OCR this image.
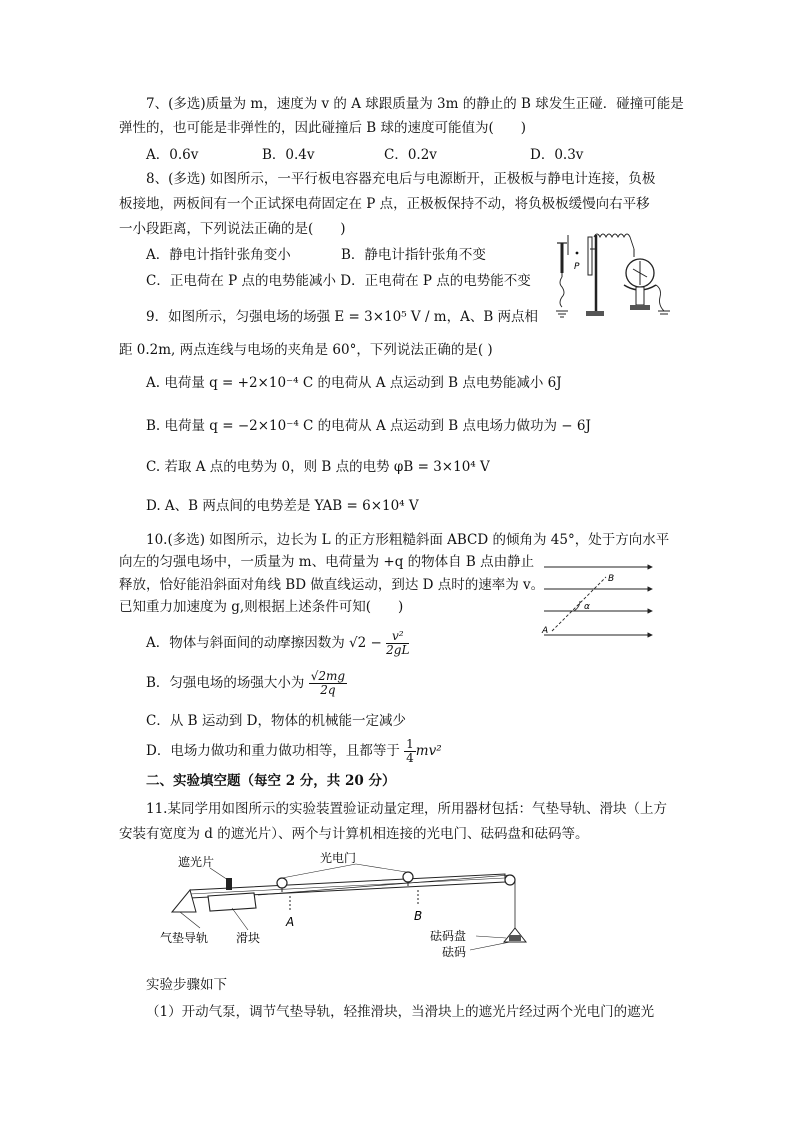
7、(多选)质量为 m，速度为 v 的 A 球跟质量为 3m 的静止的 B 球发生正碰．碰撞可能是
弹性的，也可能是非弹性的，因此碰撞后 B 球的速度可能值为(　　)
A．0.6v	B．0.4v	C．0.2v	D．0.3v
8、(多选) 如图所示，一平行板电容器充电后与电源断开，正极板与静电计连接，负极
板接地，两板间有一个正试探电荷固定在 P 点，正极板保持不动，将负极板缓慢向右平移
一小段距离，下列说法正确的是(　　)
A．静电计指针张角变小	B．静电计指针张角不变
C．正电荷在 P 点的电势能减小 D．正电荷在 P 点的电势能不变
P
9．如图所示，匀强电场的场强 E = 3×10⁵ V / m，A、B 两点相
距 0.2m, 两点连线与电场的夹角是 60°，下列说法正确的是( )
A. 电荷量 q = +2×10⁻⁴ C 的电荷从 A 点运动到 B 点电势能减小 6J
B. 电荷量 q = −2×10⁻⁴ C 的电荷从 A 点运动到 B 点电场力做功为 − 6J
C. 若取 A 点的电势为 0，则 B 点的电势 φB = 3×10⁴ V
D. A、B 两点间的电势差是 YAB = 6×10⁴ V
10.(多选) 如图所示，边长为 L 的正方形粗糙斜面 ABCD 的倾角为 45°，处于方向水平
向左的匀强电场中，一质量为 m、电荷量为 +q 的物体自 B 点由静止
释放，恰好能沿斜面对角线 BD 做直线运动，到达 D 点时的速率为 v。
已知重力加速度为 g,则根据上述条件可知(　　)
A．物体与斜面间的动摩擦因数为 $√2 - \frac{\text{v²}}{2gL}$
B．匀强电场的场强大小为 $\frac{√2mg}{2q}$
C．从 B 运动到 D，物体的机械能一定减少
D．电场力做功和重力做功相等，且都等于 $\frac{1}{4} mv^2$
α
B
A
二、实验填空题（每空 2 分，共 20 分）
11.某同学用如图所示的实验装置验证动量定理，所用器材包括：气垫导轨、滑块（上方
安装有宽度为 d 的遮光片）、两个与计算机相连接的光电门、砝码盘和砝码等。
遮光片	光电门
气垫导轨 滑块
A	B
砝码盘
砝码
实验步骤如下
（1）开动气泵，调节气垫导轨，轻推滑块，当滑块上的遮光片经过两个光电门的遮光
